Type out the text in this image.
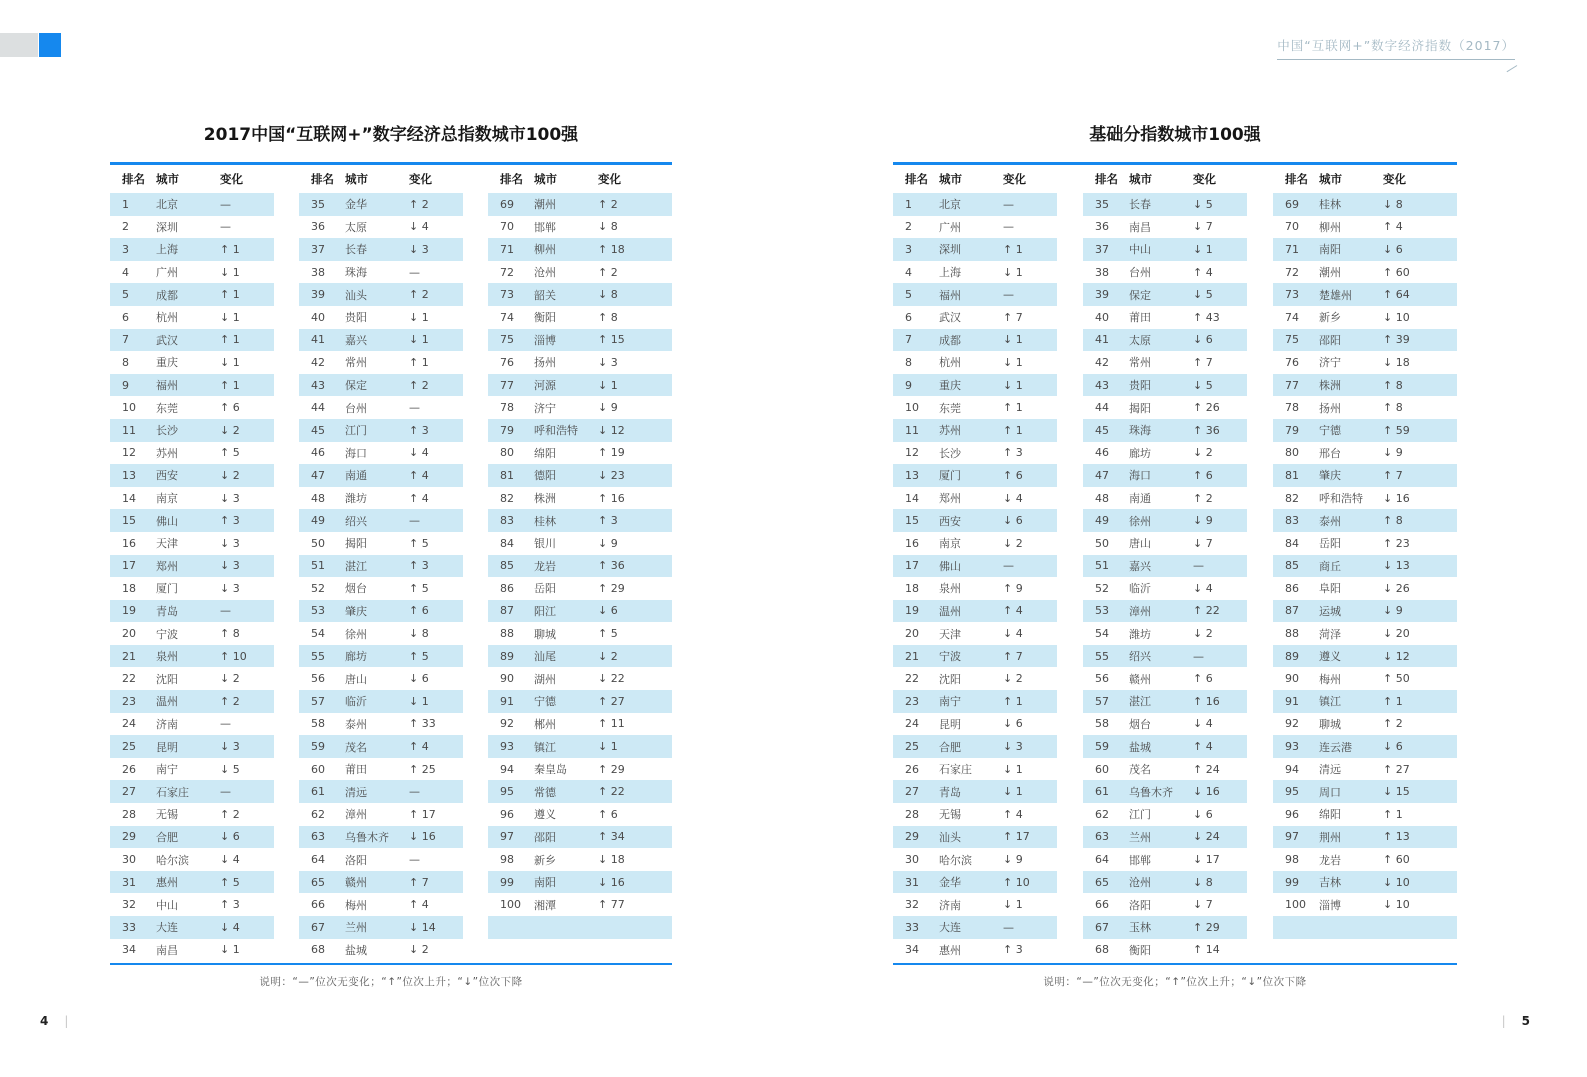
中国“互联网+”数字经济指数（2017）
2017中国“互联网+”数字经济总指数城市100强
排名 城市	变化
1	北京	—
2	深圳	—
3	上海	↑ 1
4	广州	↓ 1
5	成都	↑ 1
6	杭州	↓ 1
7	武汉	↑ 1
8	重庆	↓ 1
9	福州	↑ 1
10	东莞	↑ 6
11	长沙	↓ 2
12	苏州	↑ 5
13	西安	↓ 2
14	南京	↓ 3
15	佛山	↑ 3
16	天津	↓ 3
17	郑州	↓ 3
18	厦门	↓ 3
19	青岛	—
20	宁波	↑ 8
21	泉州	↑ 10
22	沈阳	↓ 2
23	温州	↑ 2
24	济南	—
25	昆明	↓ 3
26	南宁	↓ 5
27	石家庄	—
28	无锡	↑ 2
29	合肥	↓ 6
30	哈尔滨	↓ 4
31	惠州	↑ 5
32	中山	↑ 3
33	大连	↓ 4
34	南昌	↓ 1
排名 城市	变化
35	金华	↑ 2
36	太原	↓ 4
37	长春	↓ 3
38	珠海	—
39	汕头	↑ 2
40	贵阳	↓ 1
41	嘉兴	↓ 1
42	常州	↑ 1
43	保定	↑ 2
44	台州	—
45	江门	↑ 3
46	海口	↓ 4
47	南通	↑ 4
48	潍坊	↑ 4
49	绍兴	—
50	揭阳	↑ 5
51	湛江	↑ 3
52	烟台	↑ 5
53	肇庆	↑ 6
54	徐州	↓ 8
55	廊坊	↑ 5
56	唐山	↓ 6
57	临沂	↓ 1
58	泰州	↑ 33
59	茂名	↑ 4
60	莆田	↑ 25
61	清远	—
62	漳州	↑ 17
63	乌鲁木齐	↓ 16
64	洛阳	—
65	赣州	↑ 7
66	梅州	↑ 4
67	兰州	↓ 14
68	盐城	↓ 2
排名 城市	变化
69	潮州	↑ 2
70	邯郸	↓ 8
71	柳州	↑ 18
72	沧州	↑ 2
73	韶关	↓ 8
74	衡阳	↑ 8
75	淄博	↑ 15
76	扬州	↓ 3
77	河源	↓ 1
78	济宁	↓ 9
79	呼和浩特	↓ 12
80	绵阳	↑ 19
81	德阳	↓ 23
82	株洲	↑ 16
83	桂林	↑ 3
84	银川	↓ 9
85	龙岩	↑ 36
86	岳阳	↑ 29
87	阳江	↓ 6
88	聊城	↑ 5
89	汕尾	↓ 2
90	湖州	↓ 22
91	宁德	↑ 27
92	郴州	↑ 11
93	镇江	↓ 1
94	秦皇岛	↑ 29
95	常德	↑ 22
96	遵义	↑ 6
97	邵阳	↑ 34
98	新乡	↓ 18
99	南阳	↓ 16
100	湘潭	↑ 77
说明：“—”位次无变化；“↑”位次上升；“↓”位次下降
基础分指数城市100强
排名 城市	变化
1	北京	—
2	广州	—
3	深圳	↑ 1
4	上海	↓ 1
5	福州	—
6	武汉	↑ 7
7	成都	↓ 1
8	杭州	↓ 1
9	重庆	↓ 1
10	东莞	↑ 1
11	苏州	↑ 1
12	长沙	↑ 3
13	厦门	↑ 6
14	郑州	↓ 4
15	西安	↓ 6
16	南京	↓ 2
17	佛山	—
18	泉州	↑ 9
19	温州	↑ 4
20	天津	↓ 4
21	宁波	↑ 7
22	沈阳	↓ 2
23	南宁	↑ 1
24	昆明	↓ 6
25	合肥	↓ 3
26	石家庄	↓ 1
27	青岛	↓ 1
28	无锡	↑ 4
29	汕头	↑ 17
30	哈尔滨	↓ 9
31	金华	↑ 10
32	济南	↓ 1
33	大连	—
34	惠州	↑ 3
排名 城市	变化
35	长春	↓ 5
36	南昌	↓ 7
37	中山	↓ 1
38	台州	↑ 4
39	保定	↓ 5
40	莆田	↑ 43
41	太原	↓ 6
42	常州	↑ 7
43	贵阳	↓ 5
44	揭阳	↑ 26
45	珠海	↑ 36
46	廊坊	↓ 2
47	海口	↑ 6
48	南通	↑ 2
49	徐州	↓ 9
50	唐山	↓ 7
51	嘉兴	—
52	临沂	↓ 4
53	漳州	↑ 22
54	潍坊	↓ 2
55	绍兴	—
56	赣州	↑ 6
57	湛江	↑ 16
58	烟台	↓ 4
59	盐城	↑ 4
60	茂名	↑ 24
61	乌鲁木齐	↓ 16
62	江门	↓ 6
63	兰州	↓ 24
64	邯郸	↓ 17
65	沧州	↓ 8
66	洛阳	↓ 7
67	玉林	↑ 29
68	衡阳	↑ 14
排名 城市	变化
69	桂林	↓ 8
70	柳州	↑ 4
71	南阳	↓ 6
72	潮州	↑ 60
73	楚雄州	↑ 64
74	新乡	↓ 10
75	邵阳	↑ 39
76	济宁	↓ 18
77	株洲	↑ 8
78	扬州	↑ 8
79	宁德	↑ 59
80	邢台	↓ 9
81	肇庆	↑ 7
82	呼和浩特	↓ 16
83	泰州	↑ 8
84	岳阳	↑ 23
85	商丘	↓ 13
86	阜阳	↓ 26
87	运城	↓ 9
88	菏泽	↓ 20
89	遵义	↓ 12
90	梅州	↑ 50
91	镇江	↑ 1
92	聊城	↑ 2
93	连云港	↓ 6
94	清远	↑ 27
95	周口	↓ 15
96	绵阳	↑ 1
97	荆州	↑ 13
98	龙岩	↑ 60
99	吉林	↓ 10
100	淄博	↓ 10
说明：“—”位次无变化；“↑”位次上升；“↓”位次下降
4 |	| 5
